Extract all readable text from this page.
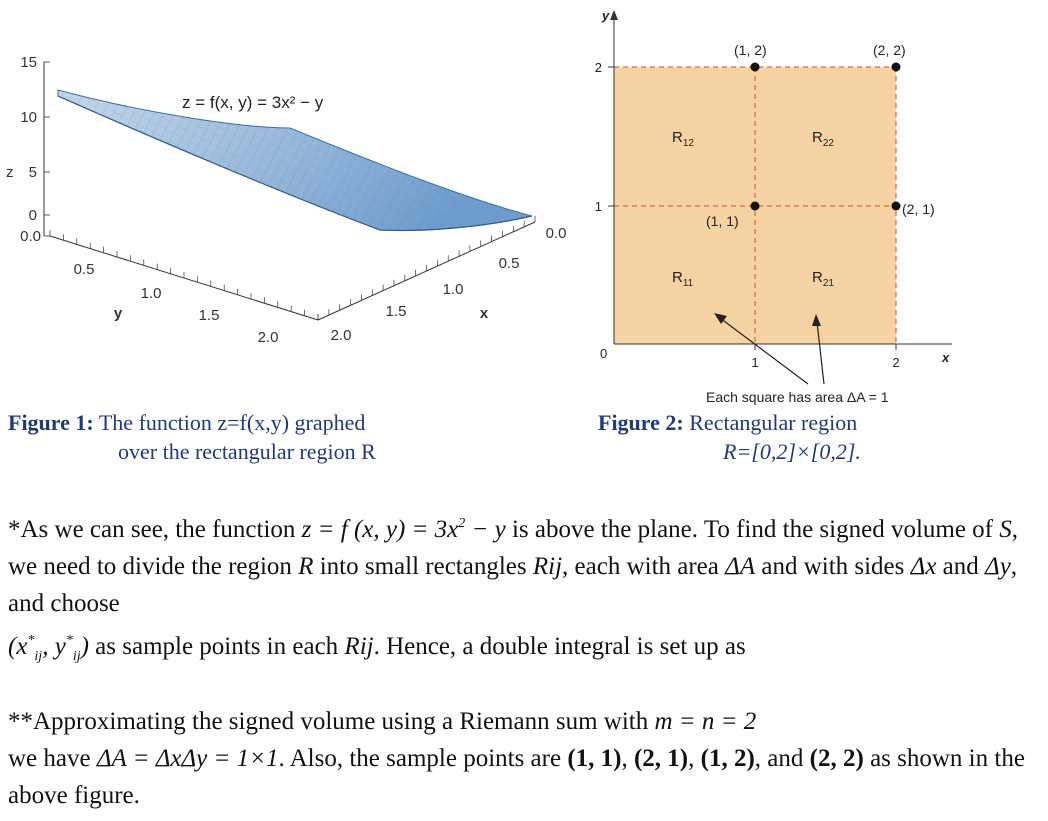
15
10
5
0
0.0
z
0.5
1.0
1.5
2.0
y
2.0
1.5
1.0
0.5
0.0
x
z = f(x, y) = 3x² − y
y
x
0
1
2
1	2
$R_{12}$	$R_{22}$
$R_{11}$	$R_{21}$
(1, 1)
(2, 1)
(1, 2)	(2, 2)
Each square has area ΔA = 1
Figure 1: The function z=f(x,y) graphed
over the rectangular region R
Figure 2: Rectangular region
R=[0,2]×[0,2].
*As we can see, the function z = f (x, $y) = 3x^2 - y$ is above the plane. To find the signed volume of S, we need to divide the region R into small rectangles Rij, each with area ΔA and with sides Δx and Δy, and choose
($x^*_{ij}$, $y^*_{ij}$) as sample points in each Rij. Hence, a double integral is set up as
**Approximating the signed volume using a Riemann sum with m = n = 2
we have ΔA = ΔxΔy = 1×1. Also, the sample points are (1, 1), (2, 1), (1, 2), and (2, 2) as shown in the above figure.
